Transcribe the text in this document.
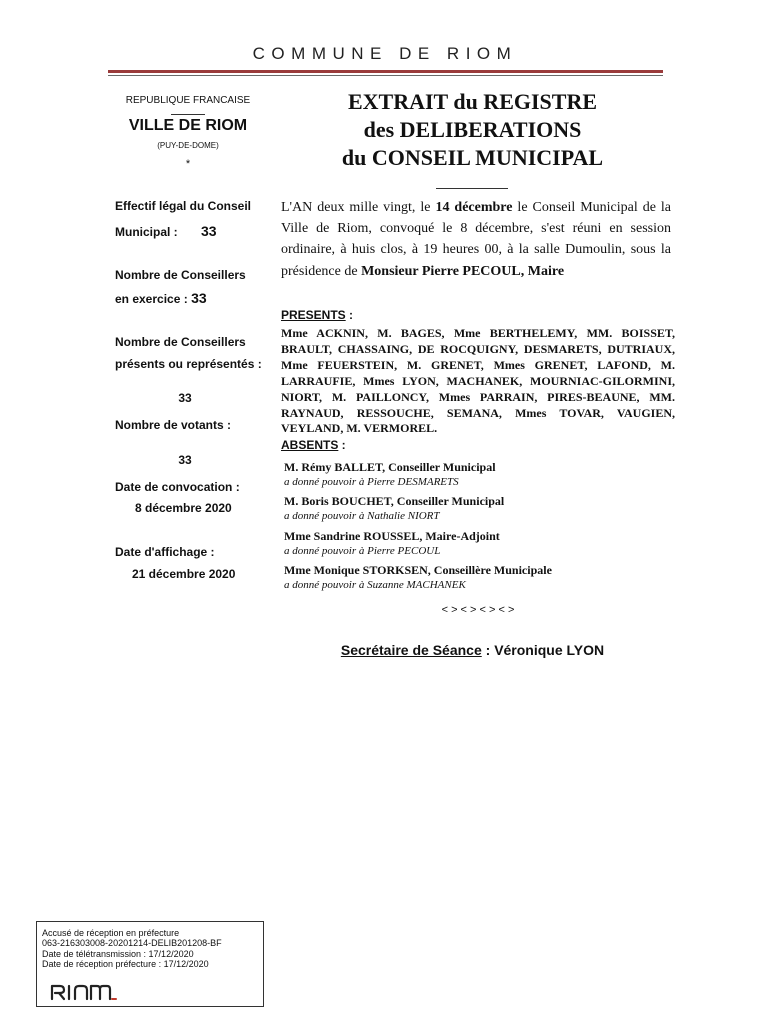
COMMUNE DE RIOM
REPUBLIQUE FRANCAISE
VILLE DE RIOM
(PUY-DE-DOME)
*
EXTRAIT du REGISTRE
des DELIBERATIONS
du CONSEIL MUNICIPAL
Effectif légal du Conseil
Municipal : 33
Nombre de Conseillers
en exercice : 33
Nombre de Conseillers
présents ou représentés :
33
Nombre de votants :
33
Date de convocation :
8 décembre 2020
Date d'affichage :
21 décembre 2020
L'AN deux mille vingt, le 14 décembre le Conseil Municipal de la Ville de Riom, convoqué le 8 décembre, s'est réuni en session ordinaire, à huis clos, à 19 heures 00, à la salle Dumoulin, sous la présidence de Monsieur Pierre PECOUL, Maire
PRESENTS :
Mme ACKNIN, M. BAGES, Mme BERTHELEMY, MM. BOISSET, BRAULT, CHASSAING, DE ROCQUIGNY, DESMARETS, DUTRIAUX, Mme FEUERSTEIN, M. GRENET, Mmes GRENET, LAFOND, M. LARRAUFIE, Mmes LYON, MACHANEK, MOURNIAC-GILORMINI, NIORT, M. PAILLONCY, Mmes PARRAIN, PIRES-BEAUNE, MM. RAYNAUD, RESSOUCHE, SEMANA, Mmes TOVAR, VAUGIEN, VEYLAND, M. VERMOREL.
ABSENTS :
M. Rémy BALLET, Conseiller Municipal
a donné pouvoir à Pierre DESMARETS
M. Boris BOUCHET, Conseiller Municipal
a donné pouvoir à Nathalie NIORT
Mme Sandrine ROUSSEL, Maire-Adjoint
a donné pouvoir à Pierre PECOUL
Mme Monique STORKSEN, Conseillère Municipale
a donné pouvoir à Suzanne MACHANEK
< > < > < > < >
Secrétaire de Séance : Véronique LYON
Accusé de réception en préfecture
063-216303008-20201214-DELIB201208-BF
Date de télétransmission : 17/12/2020
Date de réception préfecture : 17/12/2020
